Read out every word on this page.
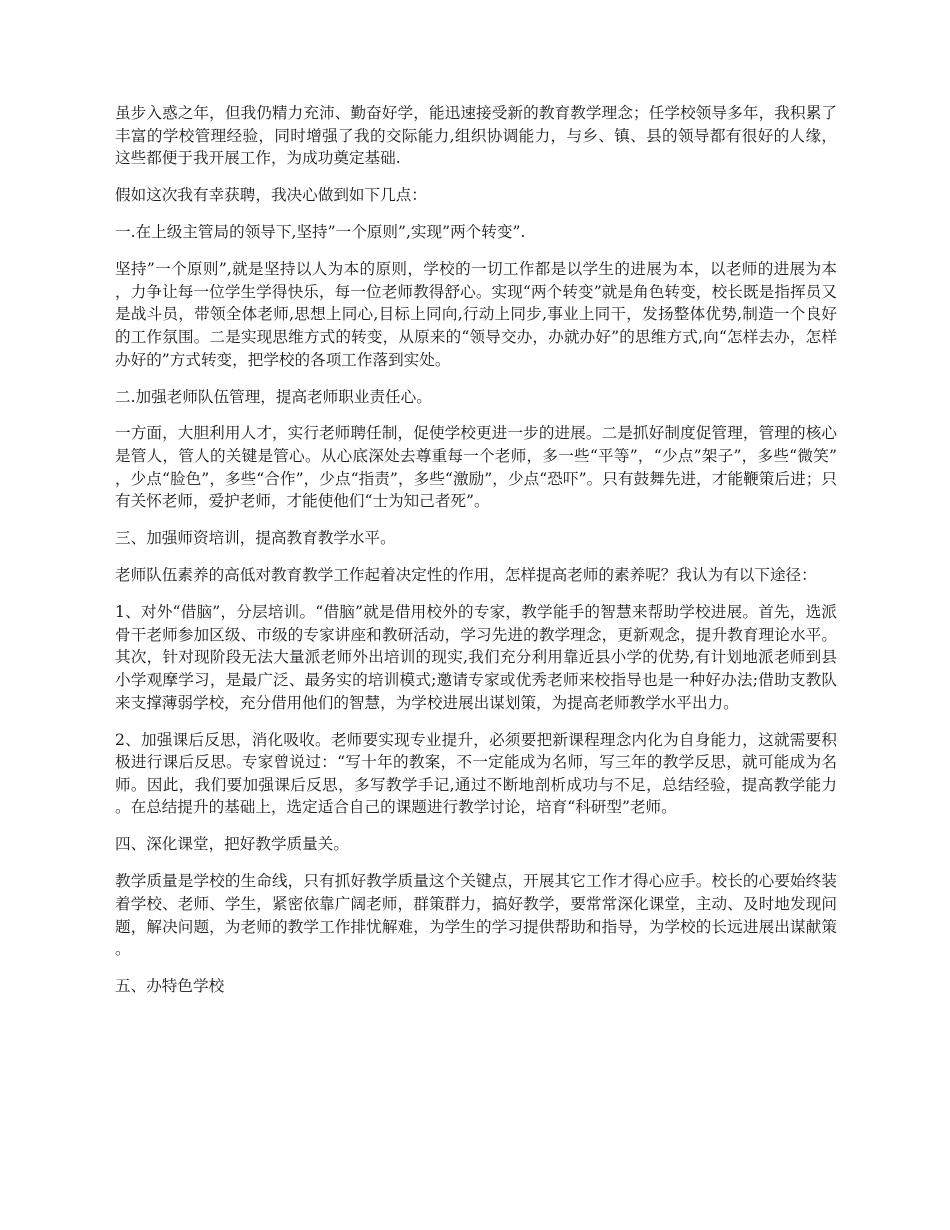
虽步入惑之年，但我仍精力充沛、勤奋好学，能迅速接受新的教育教学理念；任学校领导多年，我积累了丰富的学校管理经验，同时增强了我的交际能力,组织协调能力，与乡、镇、县的领导都有很好的人缘，这些都便于我开展工作，为成功奠定基础.

假如这次我有幸获聘，我决心做到如下几点：

一.在上级主管局的领导下,坚持”一个原则”,实现”两个转变”.

坚持”一个原则”,就是坚持以人为本的原则，学校的一切工作都是以学生的进展为本，以老师的进展为本，力争让每一位学生学得快乐，每一位老师教得舒心。实现“两个转变”就是角色转变，校长既是指挥员又是战斗员，带领全体老师,思想上同心,目标上同向,行动上同步,事业上同干，发扬整体优势,制造一个良好的工作氛围。二是实现思维方式的转变，从原来的“领导交办，办就办好”的思维方式,向“怎样去办，怎样办好的”方式转变，把学校的各项工作落到实处。

二.加强老师队伍管理，提高老师职业责任心。

一方面，大胆利用人才，实行老师聘任制，促使学校更进一步的进展。二是抓好制度促管理，管理的核心是管人，管人的关键是管心。从心底深处去尊重每一个老师，多一些“平等”，“少点”架子”，多些“微笑”，少点“脸色”，多些“合作”，少点“指责”，多些“激励”，少点“恐吓”。只有鼓舞先进，才能鞭策后进；只有关怀老师，爱护老师，才能使他们“士为知己者死”。

三、加强师资培训，提高教育教学水平。

老师队伍素养的高低对教育教学工作起着决定性的作用，怎样提高老师的素养呢？我认为有以下途径：

1、对外“借脑”，分层培训。“借脑”就是借用校外的专家，教学能手的智慧来帮助学校进展。首先，选派骨干老师参加区级、市级的专家讲座和教研活动，学习先进的教学理念，更新观念，提升教育理论水平。其次，针对现阶段无法大量派老师外出培训的现实,我们充分利用靠近县小学的优势,有计划地派老师到县小学观摩学习，是最广泛、最务实的培训模式;邀请专家或优秀老师来校指导也是一种好办法;借助支教队来支撑薄弱学校，充分借用他们的智慧，为学校进展出谋划策，为提高老师教学水平出力。

2、加强课后反思，消化吸收。老师要实现专业提升，必须要把新课程理念内化为自身能力，这就需要积极进行课后反思。专家曾说过：“写十年的教案，不一定能成为名师，写三年的教学反思，就可能成为名师。因此，我们要加强课后反思，多写教学手记,通过不断地剖析成功与不足，总结经验，提高教学能力。在总结提升的基础上，选定适合自己的课题进行教学讨论，培育“科研型”老师。

四、深化课堂，把好教学质量关。

教学质量是学校的生命线，只有抓好教学质量这个关键点，开展其它工作才得心应手。校长的心要始终装着学校、老师、学生，紧密依靠广阔老师，群策群力，搞好教学，要常常深化课堂，主动、及时地发现问题，解决问题，为老师的教学工作排忧解难，为学生的学习提供帮助和指导，为学校的长远进展出谋献策。

五、办特色学校
